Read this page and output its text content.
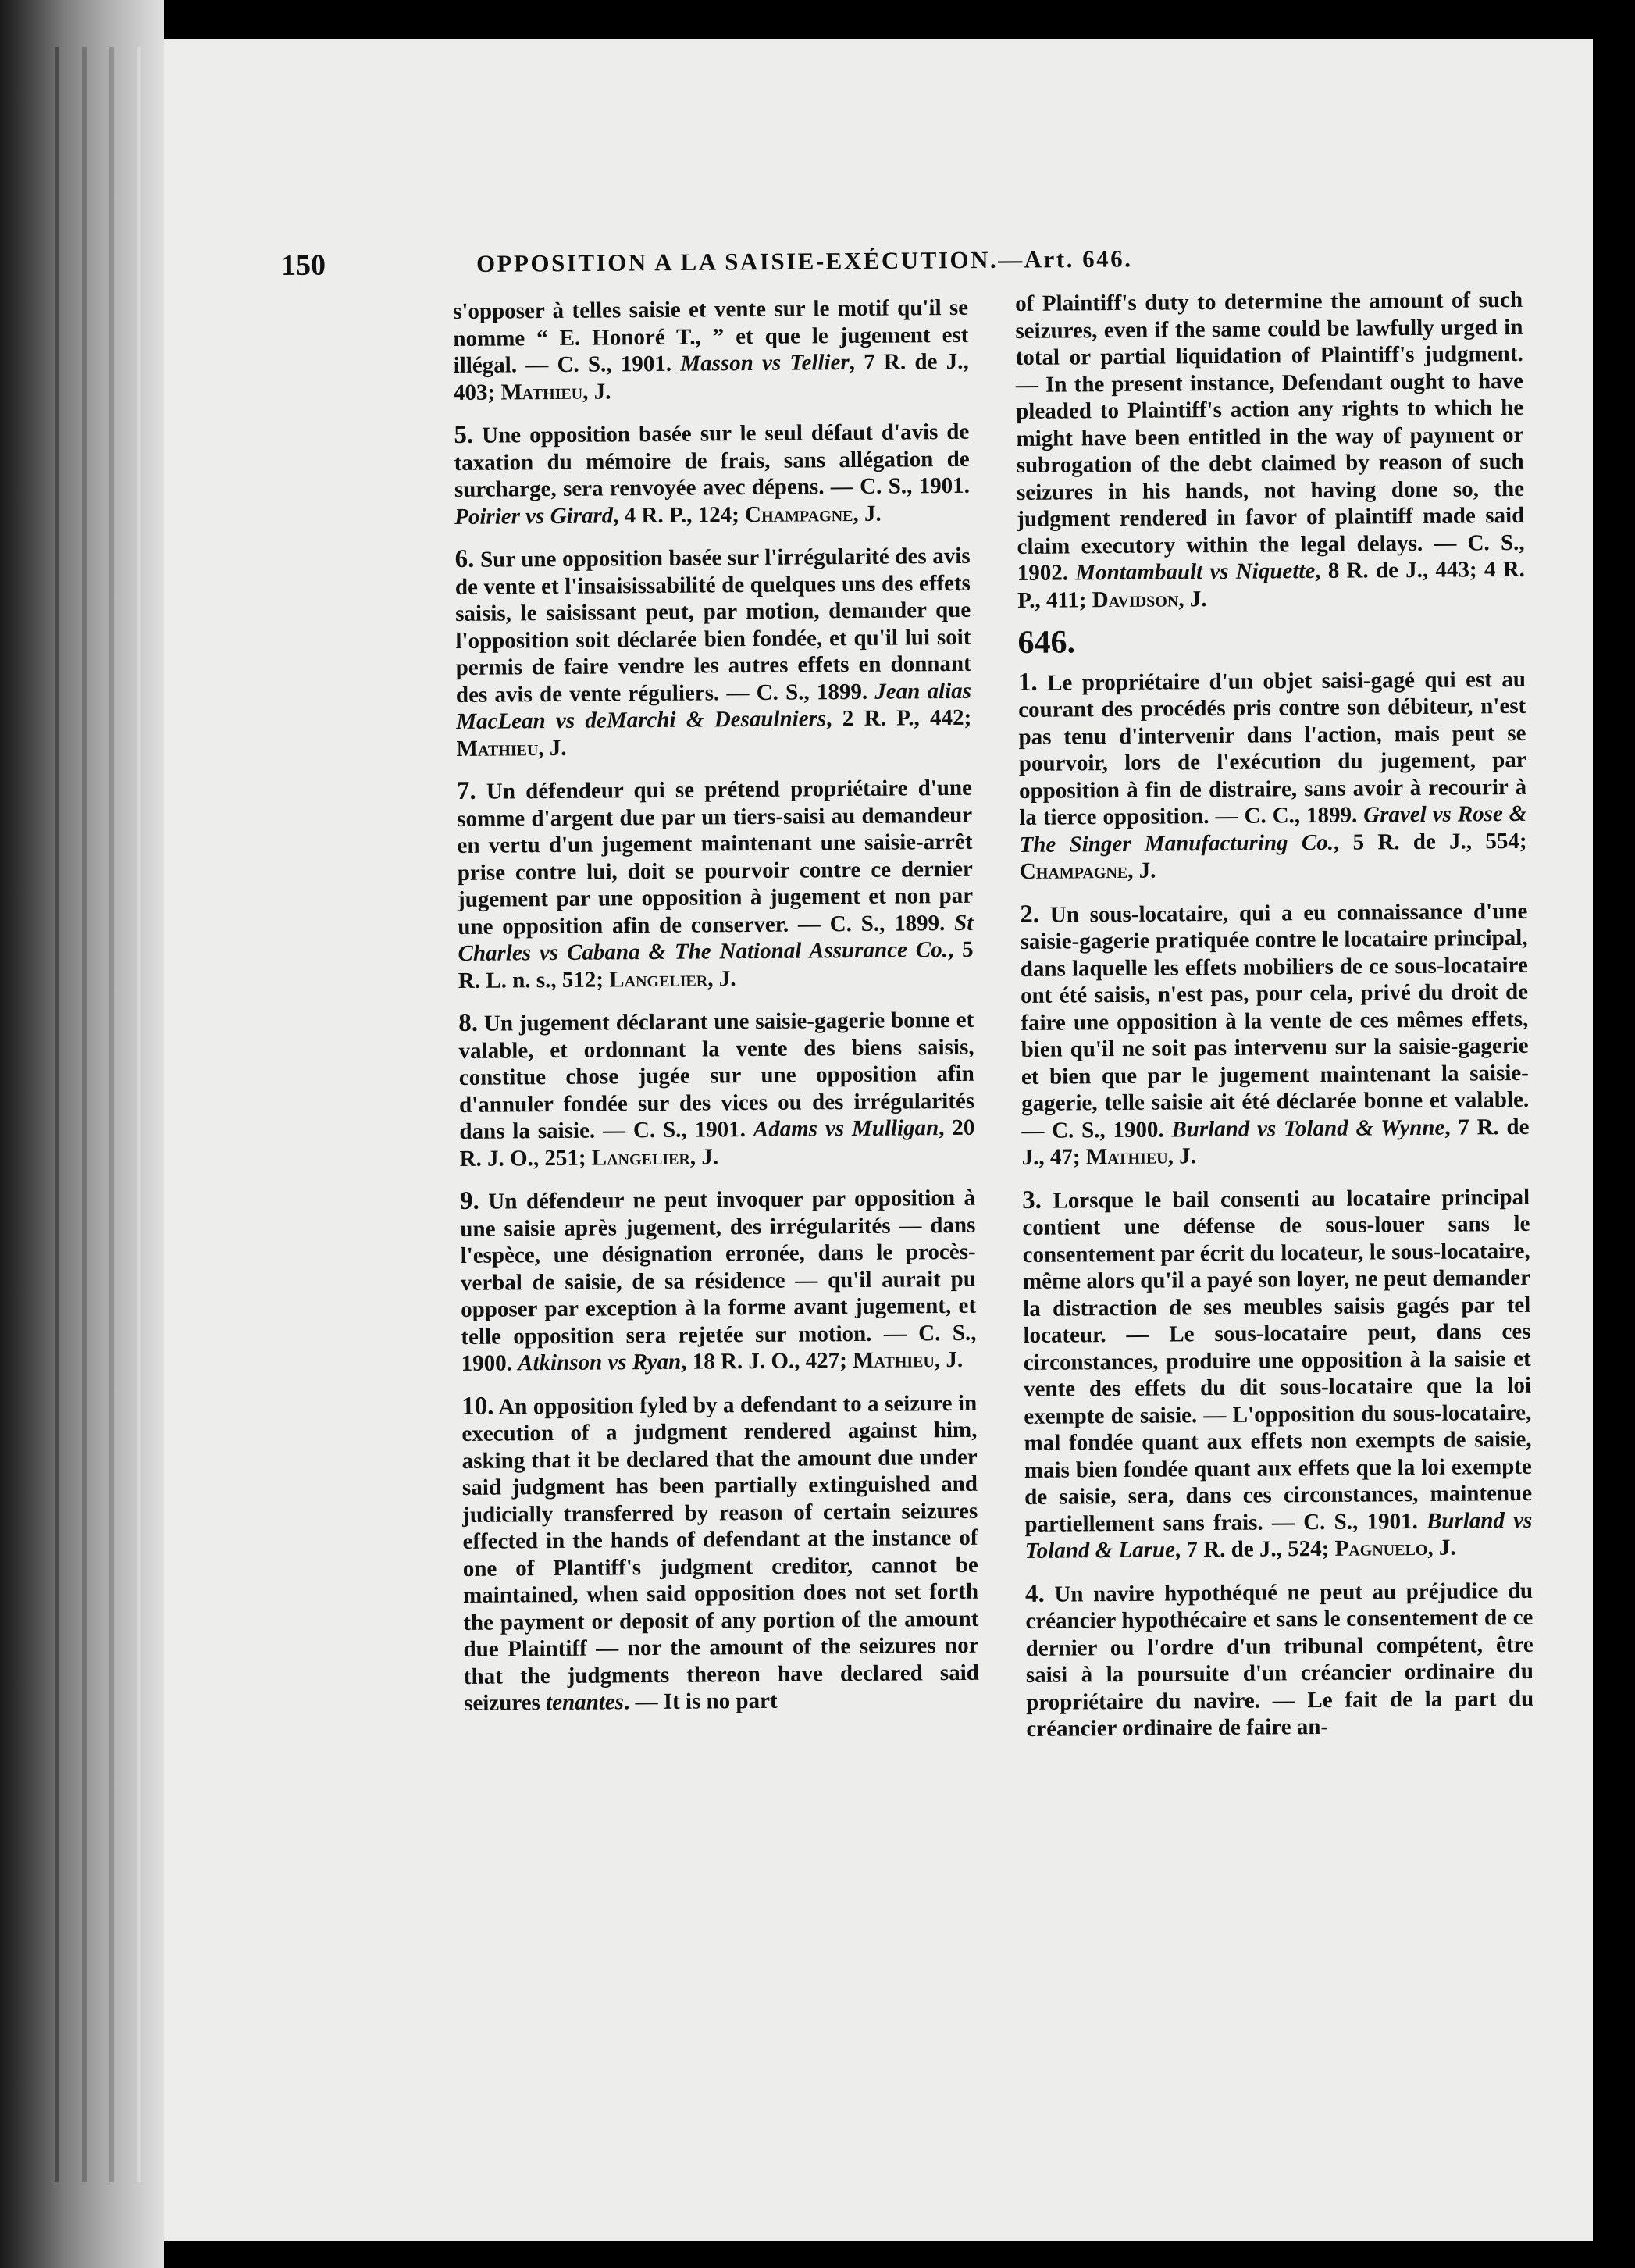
150	OPPOSITION A LA SAISIE-EXÉCUTION.—Art. 646.

s'opposer à telles saisie et vente sur le motif qu'il se nomme “ E. Honoré T., ” et que le jugement est illégal. — C. S., 1901. Masson vs Tellier, 7 R. de J., 403; Mathieu, J.

5. Une opposition basée sur le seul défaut d'avis de taxation du mémoire de frais, sans allégation de surcharge, sera renvoyée avec dépens. — C. S., 1901. Poirier vs Girard, 4 R. P., 124; Champagne, J.

6. Sur une opposition basée sur l'irrégularité des avis de vente et l'insaisissabilité de quelques uns des effets saisis, le saisissant peut, par motion, demander que l'opposition soit déclarée bien fondée, et qu'il lui soit permis de faire vendre les autres effets en donnant des avis de vente réguliers. — C. S., 1899. Jean alias MacLean vs deMarchi & Desaulniers, 2 R. P., 442; Mathieu, J.

7. Un défendeur qui se prétend propriétaire d'une somme d'argent due par un tiers-saisi au demandeur en vertu d'un jugement maintenant une saisie-arrêt prise contre lui, doit se pourvoir contre ce dernier jugement par une opposition à jugement et non par une opposition afin de conserver. — C. S., 1899. St Charles vs Cabana & The National Assurance Co., 5 R. L. n. s., 512; Langelier, J.

8. Un jugement déclarant une saisie-gagerie bonne et valable, et ordonnant la vente des biens saisis, constitue chose jugée sur une opposition afin d'annuler fondée sur des vices ou des irrégularités dans la saisie. — C. S., 1901. Adams vs Mulligan, 20 R. J. O., 251; Langelier, J.

9. Un défendeur ne peut invoquer par opposition à une saisie après jugement, des irrégularités — dans l'espèce, une désignation erronée, dans le procès-verbal de saisie, de sa résidence — qu'il aurait pu opposer par exception à la forme avant jugement, et telle opposition sera rejetée sur motion. — C. S., 1900. Atkinson vs Ryan, 18 R. J. O., 427; Mathieu, J.

10. An opposition fyled by a defendant to a seizure in execution of a judgment rendered against him, asking that it be declared that the amount due under said judgment has been partially extinguished and judicially transferred by reason of certain seizures effected in the hands of defendant at the instance of one of Plantiff's judgment creditor, cannot be maintained, when said opposition does not set forth the payment or deposit of any portion of the amount due Plaintiff — nor the amount of the seizures nor that the judgments thereon have declared said seizures tenantes. — It is no part

of Plaintiff's duty to determine the amount of such seizures, even if the same could be lawfully urged in total or partial liquidation of Plaintiff's judgment. — In the present instance, Defendant ought to have pleaded to Plaintiff's action any rights to which he might have been entitled in the way of payment or subrogation of the debt claimed by reason of such seizures in his hands, not having done so, the judgment rendered in favor of plaintiff made said claim executory within the legal delays. — C. S., 1902. Montambault vs Niquette, 8 R. de J., 443; 4 R. P., 411; Davidson, J.

646.

1. Le propriétaire d'un objet saisi-gagé qui est au courant des procédés pris contre son débiteur, n'est pas tenu d'intervenir dans l'action, mais peut se pourvoir, lors de l'exécution du jugement, par opposition à fin de distraire, sans avoir à recourir à la tierce opposition. — C. C., 1899. Gravel vs Rose & The Singer Manufacturing Co., 5 R. de J., 554; Champagne, J.

2. Un sous-locataire, qui a eu connaissance d'une saisie-gagerie pratiquée contre le locataire principal, dans laquelle les effets mobiliers de ce sous-locataire ont été saisis, n'est pas, pour cela, privé du droit de faire une opposition à la vente de ces mêmes effets, bien qu'il ne soit pas intervenu sur la saisie-gagerie et bien que par le jugement maintenant la saisie-gagerie, telle saisie ait été déclarée bonne et valable. — C. S., 1900. Burland vs Toland & Wynne, 7 R. de J., 47; Mathieu, J.

3. Lorsque le bail consenti au locataire principal contient une défense de sous-louer sans le consentement par écrit du locateur, le sous-locataire, même alors qu'il a payé son loyer, ne peut demander la distraction de ses meubles saisis gagés par tel locateur. — Le sous-locataire peut, dans ces circonstances, produire une opposition à la saisie et vente des effets du dit sous-locataire que la loi exempte de saisie. — L'opposition du sous-locataire, mal fondée quant aux effets non exempts de saisie, mais bien fondée quant aux effets que la loi exempte de saisie, sera, dans ces circonstances, maintenue partiellement sans frais. — C. S., 1901. Burland vs Toland & Larue, 7 R. de J., 524; Pagnuelo, J.

4. Un navire hypothéqué ne peut au préjudice du créancier hypothécaire et sans le consentement de ce dernier ou l'ordre d'un tribunal compétent, être saisi à la poursuite d'un créancier ordinaire du propriétaire du navire. — Le fait de la part du créancier ordinaire de faire an-
